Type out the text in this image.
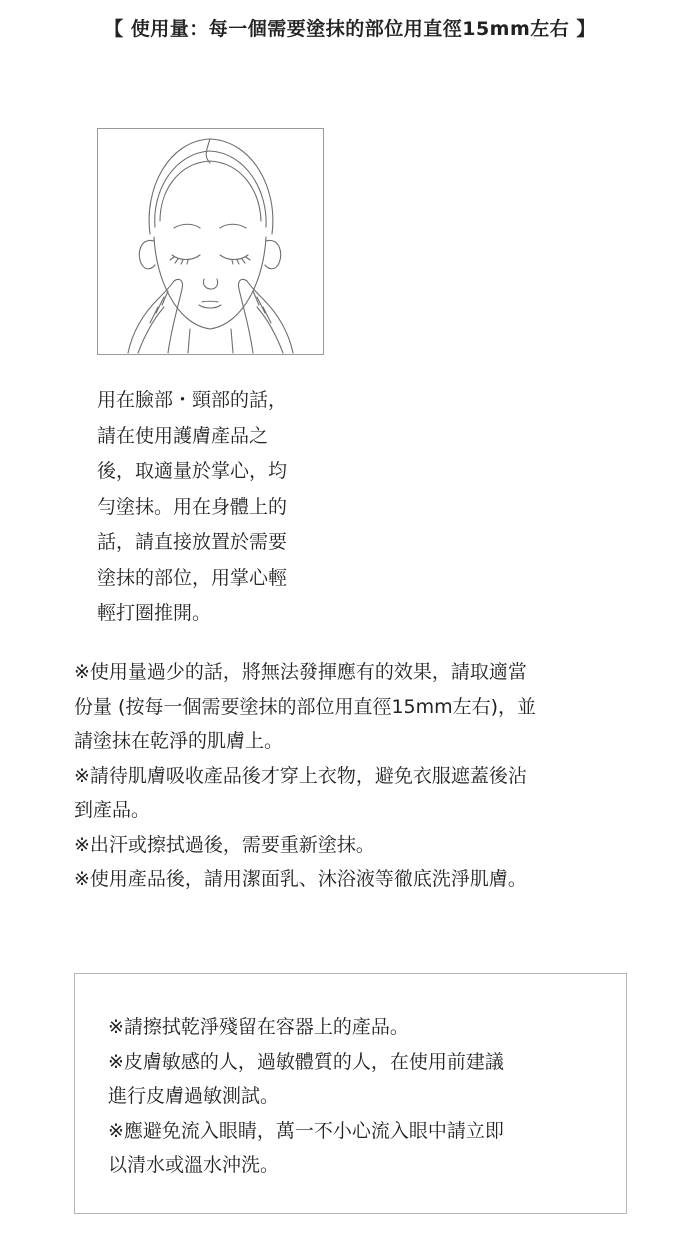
【 使用量：每一個需要塗抹的部位用直徑15mm左右 】
用在臉部・頸部的話，
請在使用護膚產品之
後，取適量於掌心，均
勻塗抹。用在身體上的
話，請直接放置於需要
塗抹的部位，用掌心輕
輕打圈推開。
※使用量過少的話，將無法發揮應有的效果，請取適當
份量 (按每一個需要塗抹的部位用直徑15mm左右)，並
請塗抹在乾淨的肌膚上。
※請待肌膚吸收產品後才穿上衣物，避免衣服遮蓋後沾
到產品。
※出汗或擦拭過後，需要重新塗抹。
※使用產品後，請用潔面乳、沐浴液等徹底洗淨肌膚。
※請擦拭乾淨殘留在容器上的產品。
※皮膚敏感的人，過敏體質的人，在使用前建議
進行皮膚過敏測試。
※應避免流入眼睛，萬一不小心流入眼中請立即
以清水或溫水沖洗。
